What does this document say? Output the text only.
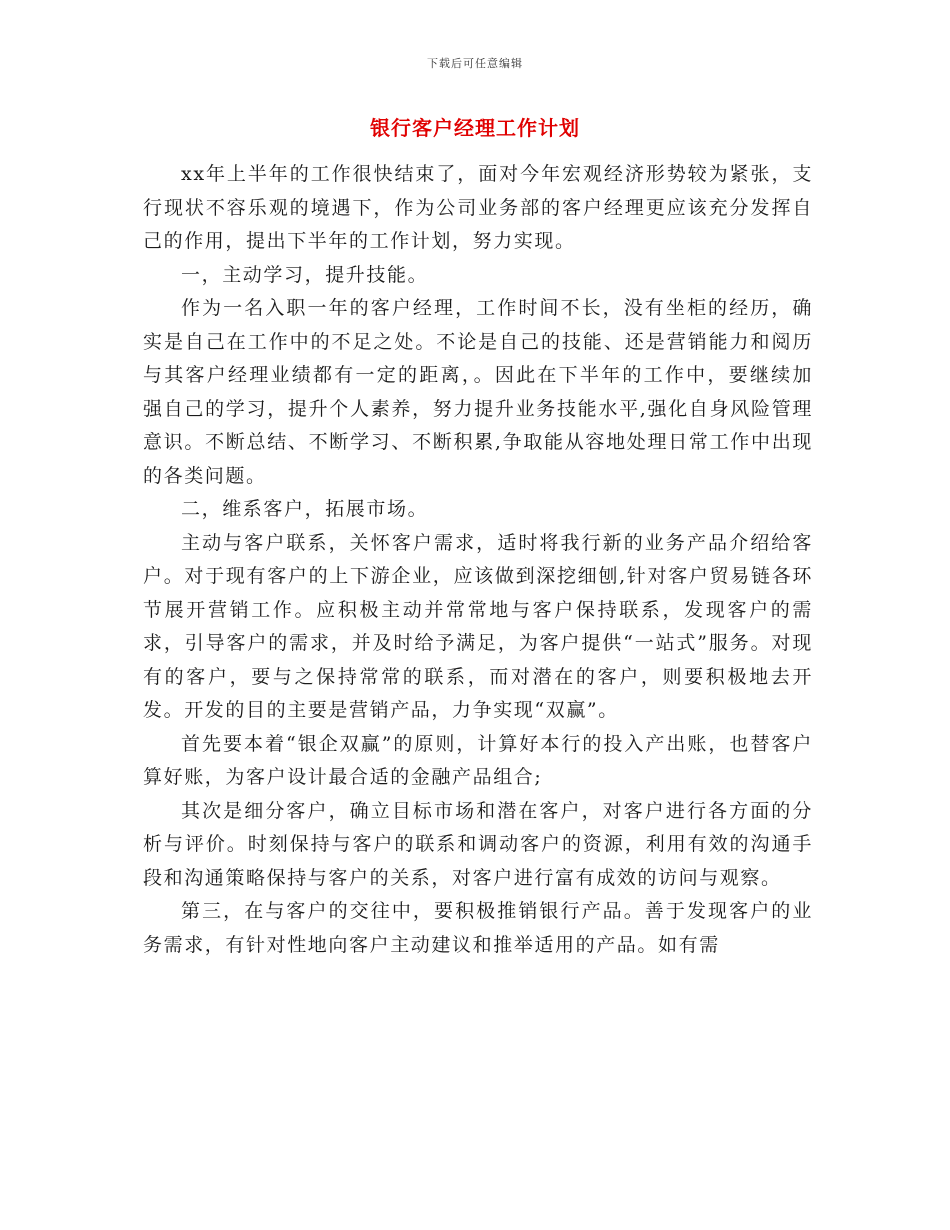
下载后可任意编辑
银行客户经理工作计划

xx年上半年的工作很快结束了，面对今年宏观经济形势较为紧张，支行现状不容乐观的境遇下，作为公司业务部的客户经理更应该充分发挥自己的作用，提出下半年的工作计划，努力实现。

一，主动学习，提升技能。

作为一名入职一年的客户经理，工作时间不长，没有坐柜的经历，确实是自己在工作中的不足之处。不论是自己的技能、还是营销能力和阅历与其客户经理业绩都有一定的距离，。因此在下半年的工作中，要继续加强自己的学习，提升个人素养，努力提升业务技能水平,强化自身风险管理意识。不断总结、不断学习、不断积累,争取能从容地处理日常工作中出现的各类问题。

二，维系客户，拓展市场。

主动与客户联系，关怀客户需求，适时将我行新的业务产品介绍给客户。对于现有客户的上下游企业，应该做到深挖细刨,针对客户贸易链各环节展开营销工作。应积极主动并常常地与客户保持联系，发现客户的需求，引导客户的需求，并及时给予满足，为客户提供“一站式”服务。对现有的客户，要与之保持常常的联系，而对潜在的客户，则要积极地去开发。开发的目的主要是营销产品，力争实现“双赢”。

首先要本着“银企双赢”的原则，计算好本行的投入产出账，也替客户算好账，为客户设计最合适的金融产品组合;

其次是细分客户，确立目标市场和潜在客户，对客户进行各方面的分析与评价。时刻保持与客户的联系和调动客户的资源，利用有效的沟通手段和沟通策略保持与客户的关系，对客户进行富有成效的访问与观察。

第三，在与客户的交往中，要积极推销银行产品。善于发现客户的业务需求，有针对性地向客户主动建议和推举适用的产品。如有需
